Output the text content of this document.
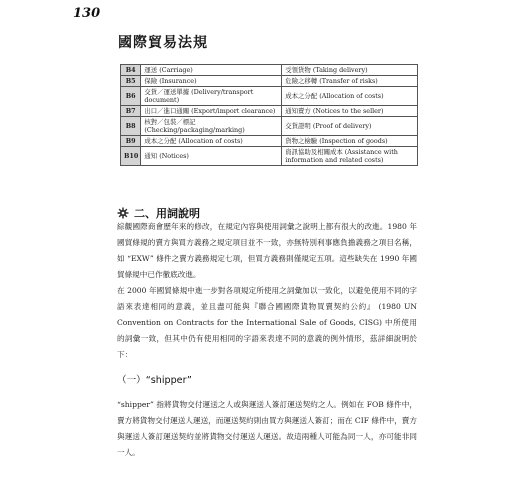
130
國際貿易法規
B4	運送 (Carriage)	受領貨物 (Taking delivery)
B5	保險 (Insurance)	危險之移轉 (Transfer of risks)
B6	交貨／運送單據 (Delivery/transport document)	成本之分配 (Allocation of costs)
B7	出口／進口通關 (Export/import clearance)	通知賣方 (Notices to the seller)
B8	核對／包裝／標記 (Checking/packaging/marking)	交貨證明 (Proof of delivery)
B9	成本之分配 (Allocation of costs)	貨物之檢驗 (Inspection of goods)
B10	通知 (Notices)	資訊協助及相關成本 (Assistance with information and related costs)
二、用詞說明

綜觀國際商會歷年來的修改，在規定內容與使用詞彙之說明上都有很大的改進。1980 年國貿條規的賣方與買方義務之規定項目並不一致，亦無特別利事應負擔義務之項目名稱，如 “EXW” 條件之賣方義務規定七項，但買方義務則僅規定五項。這些缺失在 1990 年國貿條規中已作徹底改進。

在 2000 年國貿條規中進一步對各項規定所使用之詞彙加以一致化，以避免使用不同的字語來表達相同的意義，並且盡可能與『聯合國國際貨物買賣契約公約』 (1980 UN Convention on Contracts for the International Sale of Goods, CISG) 中所使用的詞彙一致，但其中仍有使用相同的字語來表達不同的意義的例外情形，茲詳細說明於下：

（一）“shipper”

“shipper” 指將貨物交付運送之人或與運送人簽訂運送契約之人。例如在 FOB 條件中，賣方將貨物交付運送人運送，而運送契約則由買方與運送人簽訂；而在 CIF 條件中，賣方與運送人簽訂運送契約並將貨物交付運送人運送。故這兩種人可能為同一人，亦可能非同一人。
